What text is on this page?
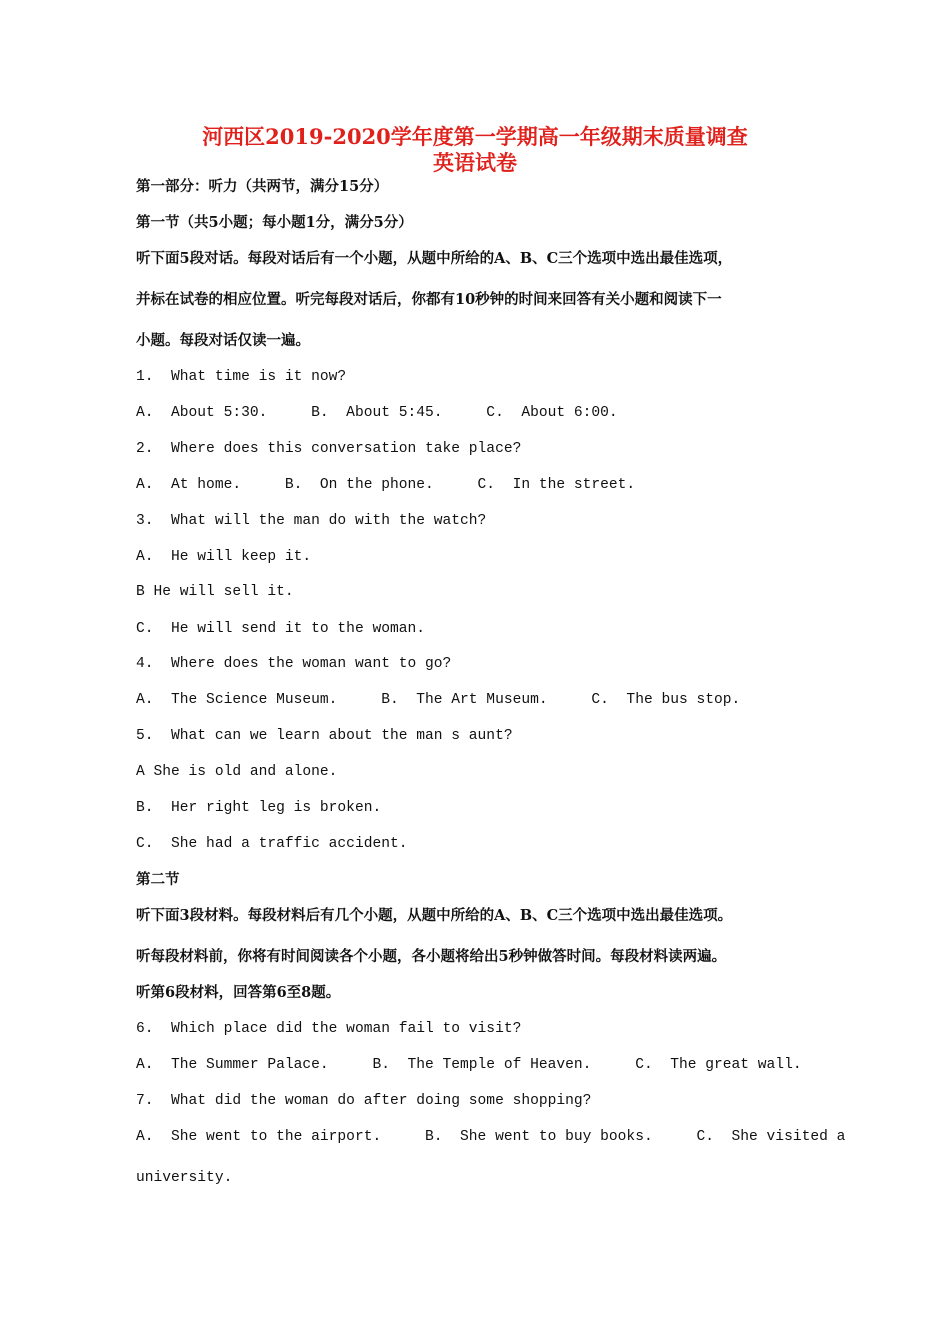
河西区2019-2020学年度第一学期高一年级期末质量调查
英语试卷
第一部分：听力（共两节，满分15分）
第一节（共5小题；每小题1分，满分5分）
听下面5段对话。每段对话后有一个小题，从题中所给的A、B、C三个选项中选出最佳选项，
并标在试卷的相应位置。听完每段对话后，你都有10秒钟的时间来回答有关小题和阅读下一
小题。每段对话仅读一遍。
1.  What time is it now?
A.  About 5:30.     B.  About 5:45.     C.  About 6:00.
2.  Where does this conversation take place?
A.  At home.     B.  On the phone.     C.  In the street.
3.  What will the man do with the watch?
A.  He will keep it.
B He will sell it.
C.  He will send it to the woman.
4.  Where does the woman want to go?
A.  The Science Museum.     B.  The Art Museum.     C.  The bus stop.
5.  What can we learn about the man s aunt?
A She is old and alone.
B.  Her right leg is broken.
C.  She had a traffic accident.
第二节
听下面3段材料。每段材料后有几个小题，从题中所给的A、B、C三个选项中选出最佳选项。
听每段材料前，你将有时间阅读各个小题，各小题将给出5秒钟做答时间。每段材料读两遍。
听第6段材料，回答第6至8题。
6.  Which place did the woman fail to visit?
A.  The Summer Palace.     B.  The Temple of Heaven.     C.  The great wall.
7.  What did the woman do after doing some shopping?
A.  She went to the airport.     B.  She went to buy books.     C.  She visited a
university.
